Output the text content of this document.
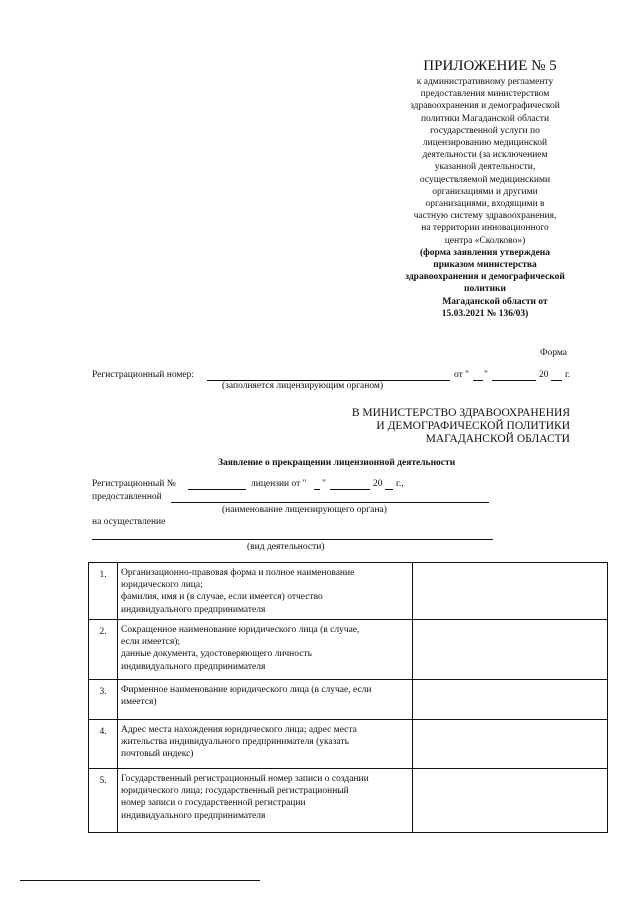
ПРИЛОЖЕНИЕ № 5
к административному регламенту
предоставления министерством
здравоохранения и демографической
политики Магаданской области
государственной услуги по
лицензированию медицинской
деятельности (за исключением
указанной деятельности,
осуществляемой медицинскими
организациями и другими
организациями, входящими в
частную систему здравоохранения,
на территории инновационного
центра «Сколково»)
(форма заявления утверждена
приказом министерства
здравоохранения и демографической
политики
Магаданской области от
15.03.2021 № 136/03)
Форма
Регистрационный номер:	от " "	20 г.
(заполняется лицензирующим органом)
В МИНИСТЕРСТВО ЗДРАВООХРАНЕНИЯ
И ДЕМОГРАФИЧЕСКОЙ ПОЛИТИКИ
МАГАДАНСКОЙ ОБЛАСТИ
Заявление о прекращении лицензионной деятельности
Регистрационный №	лицензии от " "	20 г.,
предоставленной
(наименование лицензирующего органа)
на осуществление
(вид деятельности)
1.	Организационно-правовая форма и полное наименование
юридического лица;
фамилия, имя и (в случае, если имеется) отчество
индивидуального предпринимателя
2.	Сокращенное наименование юридического лица (в случае,
если имеется);
данные документа, удостоверяющего личность
индивидуального предпринимателя
3.	Фирменное наименование юридического лица (в случае, если
имеется)
4.	Адрес места нахождения юридического лица; адрес места
жительства индивидуального предпринимателя (указать
почтовый индекс)
5.	Государственный регистрационный номер записи о создании
юридического лица; государственный регистрационный
номер записи о государственной регистрации
индивидуального предпринимателя
